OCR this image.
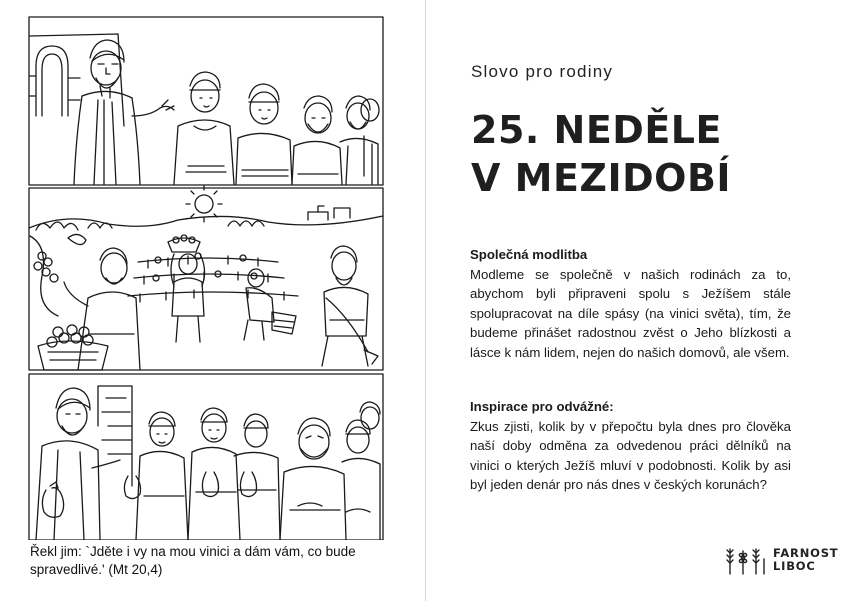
Řekl jim: `Jděte i vy na mou vinici a dám vám, co bude spravedlivé.' (Mt 20,4)
Slovo pro rodiny
25. NEDĚLE
V MEZIDOBÍ
Společná modlitba
Modleme se společně v našich rodinách za to, abychom byli připraveni spolu s Ježíšem stále spolupracovat na díle spásy (na vinici světa), tím, že budeme přinášet radostnou zvěst o Jeho blízkosti a lásce k nám lidem, nejen do našich domovů, ale všem.
Inspirace pro odvážné:
Zkus zjisti, kolik by v přepočtu byla dnes pro člověka naší doby odměna za odvedenou práci dělníků na vinici o kterých Ježíš mluví v podobnosti. Kolik by asi byl jeden denár pro nás dnes v českých korunách?
FARNOST
LIBOC
